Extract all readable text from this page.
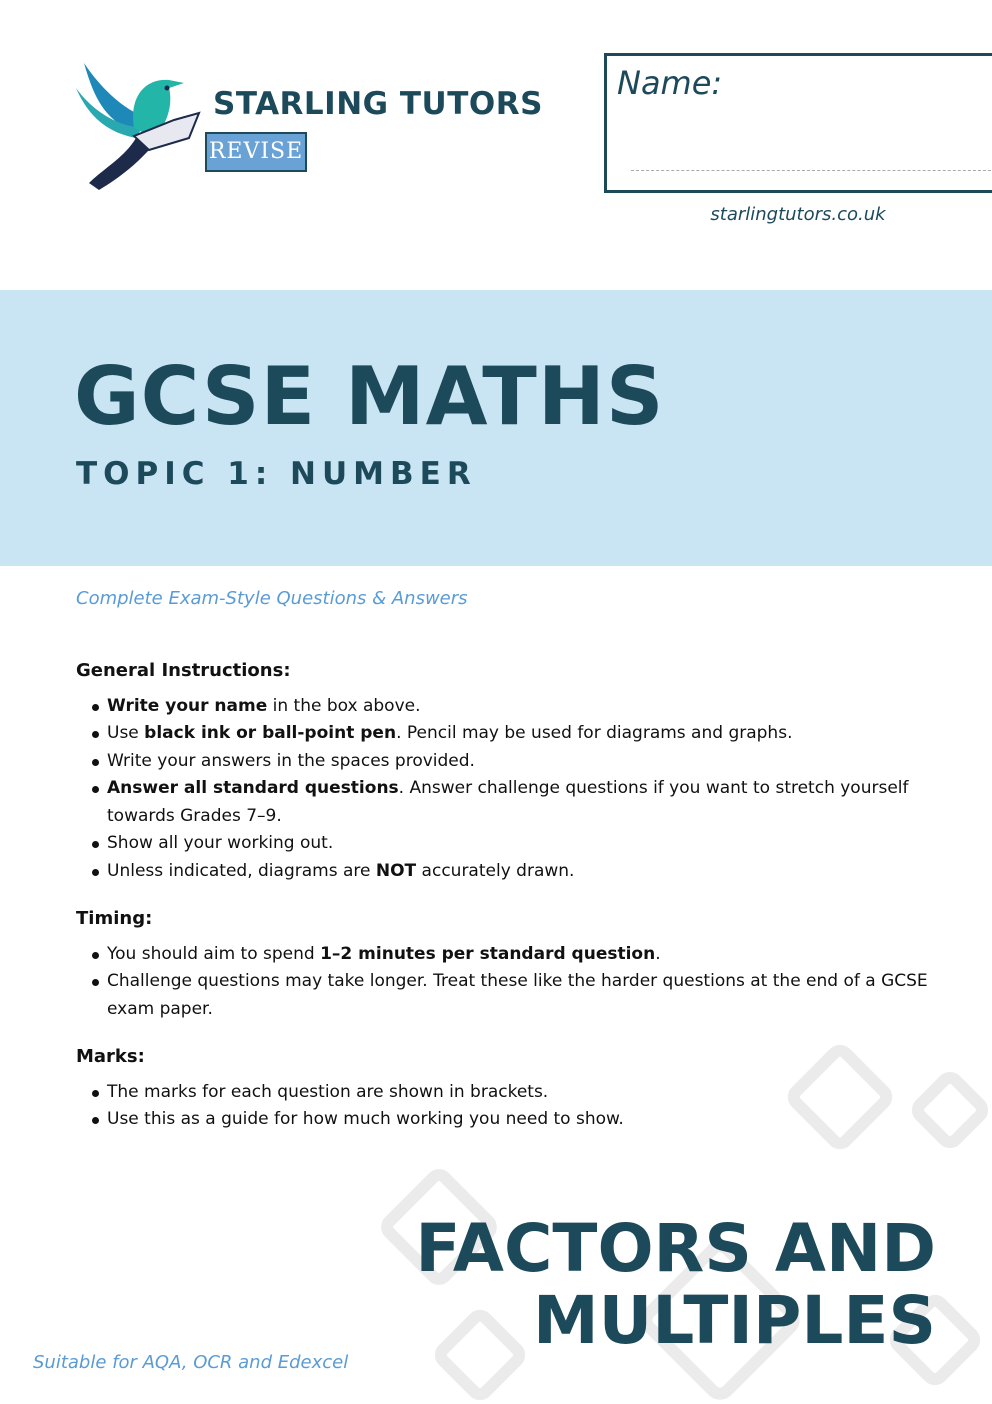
STARLING TUTORS
REVISE
Name:
starlingtutors.co.uk
GCSE MATHS
TOPIC 1: NUMBER
Complete Exam-Style Questions & Answers
General Instructions:
Write your name in the box above.
Use black ink or ball-point pen. Pencil may be used for diagrams and graphs.
Write your answers in the spaces provided.
Answer all standard questions. Answer challenge questions if you want to stretch yourself towards Grades 7–9.
Show all your working out.
Unless indicated, diagrams are NOT accurately drawn.
Timing:
You should aim to spend 1–2 minutes per standard question.
Challenge questions may take longer. Treat these like the harder questions at the end of a GCSE exam paper.
Marks:
The marks for each question are shown in brackets.
Use this as a guide for how much working you need to show.
FACTORS AND
MULTIPLES
Suitable for AQA, OCR and Edexcel
